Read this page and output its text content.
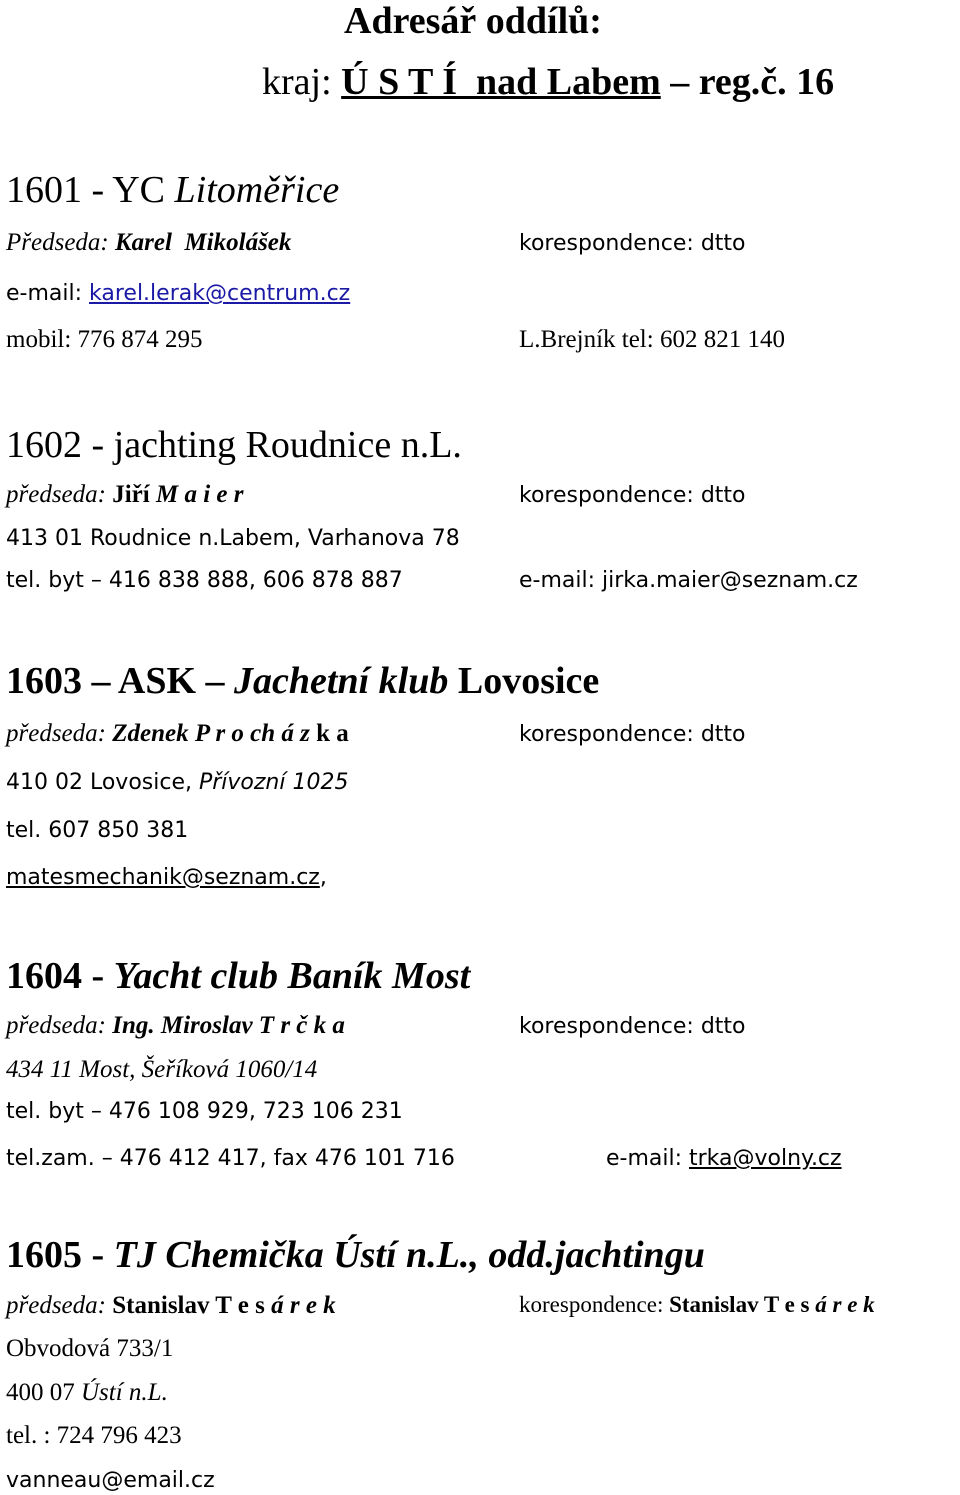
Adresář oddílů:
kraj: Ú S T Í  nad Labem – reg.č. 16
1601 - YC Litoměřice
Předseda: Karel  Mikolášek	korespondence: dtto
e-mail: karel.lerak@centrum.cz
mobil: 776 874 295	L.Brejník tel: 602 821 140
1602 - jachting Roudnice n.L.
předseda: Jiří M a i e r	korespondence: dtto
413 01 Roudnice n.Labem, Varhanova 78
tel. byt – 416 838 888, 606 878 887	e-mail: jirka.maier@seznam.cz
1603 – ASK – Jachetní klub Lovosice
předseda: Zdenek P r o ch á z k a	korespondence: dtto
410 02 Lovosice, Přívozní 1025
tel. 607 850 381
matesmechanik@seznam.cz,
1604 - Yacht club Baník Most
předseda: Ing. Miroslav T r č k a	korespondence: dtto
434 11 Most, Šeříková 1060/14
tel. byt – 476 108 929, 723 106 231
tel.zam. – 476 412 417, fax 476 101 716	e-mail: trka@volny.cz
1605 - TJ Chemička Ústí n.L., odd.jachtingu
předseda: Stanislav T e s á r e k	korespondence: Stanislav T e s á r e k
Obvodová 733/1
400 07 Ústí n.L.
tel. : 724 796 423
vanneau@email.cz
